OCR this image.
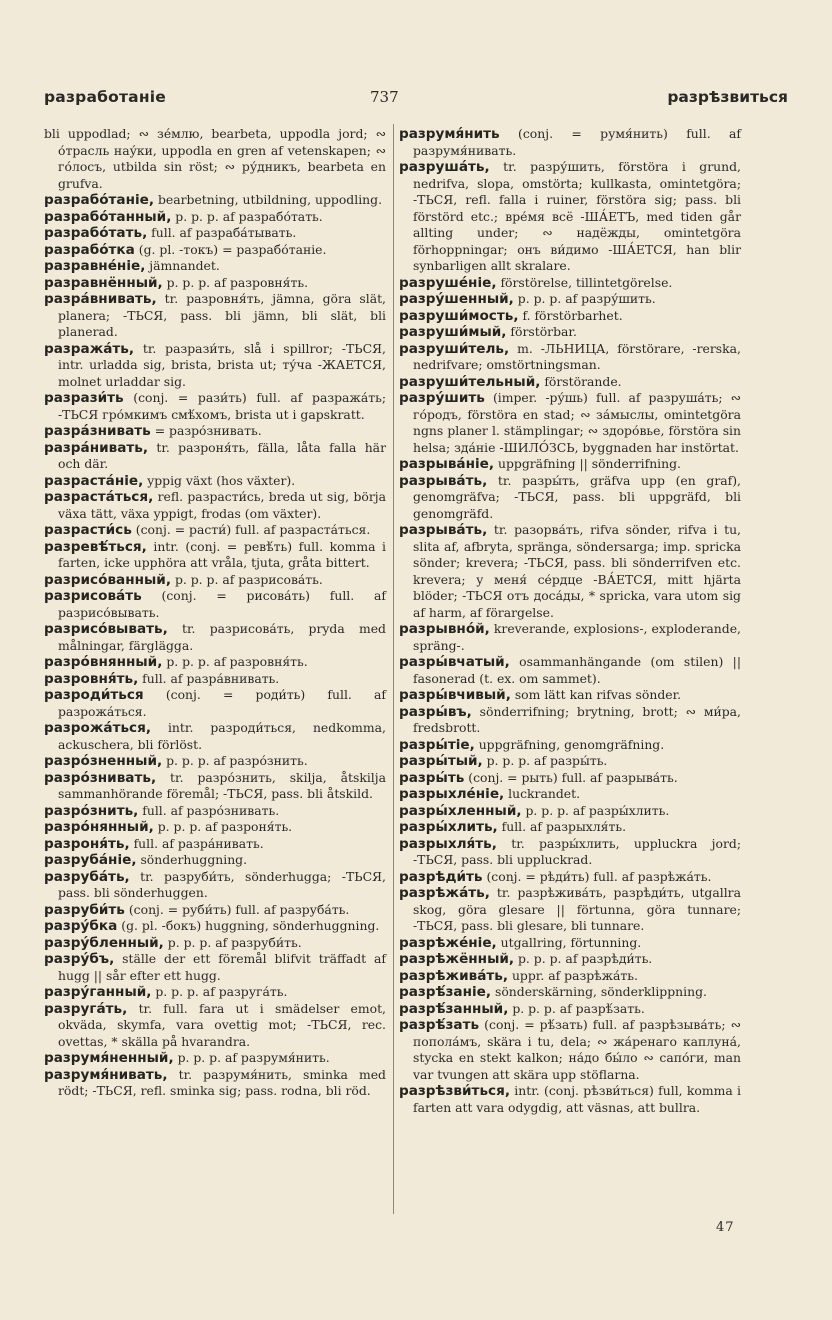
разработаніе	737	разрѣзвиться

bli uppodlad; ∾ зе́млю, bearbeta, uppodla jord; ∾ о́трасль нау́ки, uppodla en gren af vetenskapen; ∾ го́лосъ, utbilda sin röst; ∾ ру́дникъ, bearbeta en grufva.

разрабо́таніе, bearbetning, utbildning, uppodling.

разрабо́танный, p. p. p. af разрабо́тать.

разрабо́тать, full. af разраба́тывать.

разрабо́тка (g. pl. -токъ) = разрабо́таніе.

разравне́ніе, jämnandet.

разравнённый, p. p. p. af разровня́ть.

разра́внивать, tr. разровня́ть, jämna, göra slät, planera; -ТЬСЯ, pass. bli jämn, bli slät, bli planerad.

разража́ть, tr. разрази́ть, slå i spillror; -ТЬСЯ, intr. urladda sig, brista, brista ut; ту́ча -ЖАЕТСЯ, molnet urladdar sig.

разрази́ть (conj. = рази́ть) full. af разража́ть; -ТЬСЯ гро́мкимъ смѣ́хомъ, brista ut i gapskratt.

разра́знивать = разро́знивать.

разра́нивать, tr. разроня́ть, fälla, låta falla här och där.

разраста́ніе, yppig växt (hos växter).

разраста́ться, refl. разрасти́сь, breda ut sig, börja växa tätt, växa yppigt, frodas (om växter).

разрасти́сь (conj. = расти́) full. af разраста́ться.

разревѣ́ться, intr. (conj. = ревѣ́ть) full. komma i farten, icke upphöra att vråla, tjuta, gråta bittert.

разрисо́ванный, p. p. p. af разрисова́ть.

разрисова́ть (conj. = рисова́ть) full. af разрисо́вывать.

разрисо́вывать, tr. разрисова́ть, pryda med målningar, färglägga.

разро́внянный, p. p. p. af разровня́ть.

разровня́ть, full. af разра́внивать.

разроди́ться (conj. = роди́ть) full. af разрожа́ться.

разрожа́ться, intr. разроди́ться, nedkomma, ackuschera, bli förlöst.

разро́зненный, p. p. p. af разро́знить.

разро́знивать, tr. разро́знить, skilja, åtskilja sammanhörande föremål; -ТЬСЯ, pass. bli åtskild.

разро́знить, full. af разро́знивать.

разро́нянный, p. p. p. af разроня́ть.

разроня́ть, full. af разра́нивать.

разруба́ніе, sönderhuggning.

разруба́ть, tr. разруби́ть, sönderhugga; -ТЬСЯ, pass. bli sönderhuggen.

разруби́ть (conj. = руби́ть) full. af разруба́ть.

разру́бка (g. pl. -бокъ) huggning, sönderhuggning.

разру́бленный, p. p. p. af разруби́ть.

разру́бъ, ställe der ett föremål blifvit träffadt af hugg || sår efter ett hugg.

разру́ганный, p. p. p. af разруга́ть.

разруга́ть, tr. full. fara ut i smädelser emot, okväda, skymfa, vara ovettig mot; -ТЬСЯ, rec. ovettas, * skälla på hvarandra.

разрумя́ненный, p. p. p. af разрумя́нить.

разрумя́нивать, tr. разрумя́нить, sminka med rödt; -ТЬСЯ, refl. sminka sig; pass. rodna, bli röd.

разрумя́нить (conj. = румя́нить) full. af разрумя́нивать.

разруша́ть, tr. разру́шить, förstöra i grund, nedrifva, slopa, omstörta; kullkasta, omintetgöra; -ТЬСЯ, refl. falla i ruiner, förstöra sig; pass. bli förstörd etc.; вре́мя всё -ША́ЕТЪ, med tiden går allting under; ∾ надёжды, omintetgöra förhoppningar; онъ ви́димо -ША́ЕТСЯ, han blir synbarligen allt skralare.

разруше́ніе, förstörelse, tillintetgörelse.

разру́шенный, p. p. p. af разру́шить.

разруши́мость, f. förstörbarhet.

разруши́мый, förstörbar.

разруши́тель, m. -ЛЬНИЦА, förstörare, -rerska, nedrifvare; omstörtningsman.

разруши́тельный, förstörande.

разру́шить (imper. -ру́шь) full. af разруша́ть; ∾ го́родъ, förstöra en stad; ∾ за́мыслы, omintetgöra ngns planer l. stämplingar; ∾ здоро́вье, förstöra sin helsa; зда́ніе -ШИЛО́ЗСЬ, byggnaden har instörtat.

разрыва́ніе, uppgräfning || sönderrifning.

разрыва́ть, tr. разры́ть, gräfva upp (en graf), genomgräfva; -ТЬСЯ, pass. bli uppgräfd, bli genomgräfd.

разрыва́ть, tr. разорва́ть, rifva sönder, rifva i tu, slita af, afbryta, spränga, söndersarga; imp. spricka sönder; krevera; -ТЬСЯ, pass. bli sönderrifven etc. krevera; у меня́ се́рдце -ВА́ЕТСЯ, mitt hjärta blöder; -ТЬСЯ отъ доса́ды, * spricka, vara utom sig af harm, af förargelse.

разрывно́й, kreverande, explosions-, exploderande, spräng-.

разры́вчатый, osammanhängande (om stilen) || fasonerad (t. ex. om sammet).

разры́вчивый, som lätt kan rifvas sönder.

разры́въ, sönderrifning; brytning, brott; ∾ ми́ра, fredsbrott.

разры́тіе, uppgräfning, genomgräfning.

разры́тый, p. p. p. af разры́ть.

разры́ть (conj. = рыть) full. af разрыва́ть.

разрыхле́ніе, luckrandet.

разры́хленный, p. p. p. af разры́хлить.

разры́хлить, full. af разрыхля́ть.

разрыхля́ть, tr. разры́хлить, uppluckra jord; -ТЬСЯ, pass. bli uppluckrad.

разрѣди́ть (conj. = рѣди́ть) full. af разрѣжа́ть.

разрѣжа́ть, tr. разрѣжива́ть, разрѣди́ть, utgallra skog, göra glesare || förtunna, göra tunnare; -ТЬСЯ, pass. bli glesare, bli tunnare.

разрѣже́ніе, utgallring, förtunning.

разрѣжённый, p. p. p. af разрѣди́ть.

разрѣжива́ть, uppr. af разрѣжа́ть.

разрѣ́заніе, sönderskärning, sönderklippning.

разрѣ́занный, p. p. p. af разрѣ́зать.

разрѣ́зать (conj. = рѣ́зать) full. af разрѣзыва́ть; ∾ попола́мъ, skära i tu, dela; ∾ жа́ренаго каплуна́, stycka en stekt kalkon; на́до бы́ло ∾ сапо́ги, man var tvungen att skära upp stöflarna.

разрѣзви́ться, intr. (conj. рѣзви́ться) full, komma i farten att vara odygdig, att väsnas, att bullra.

47
